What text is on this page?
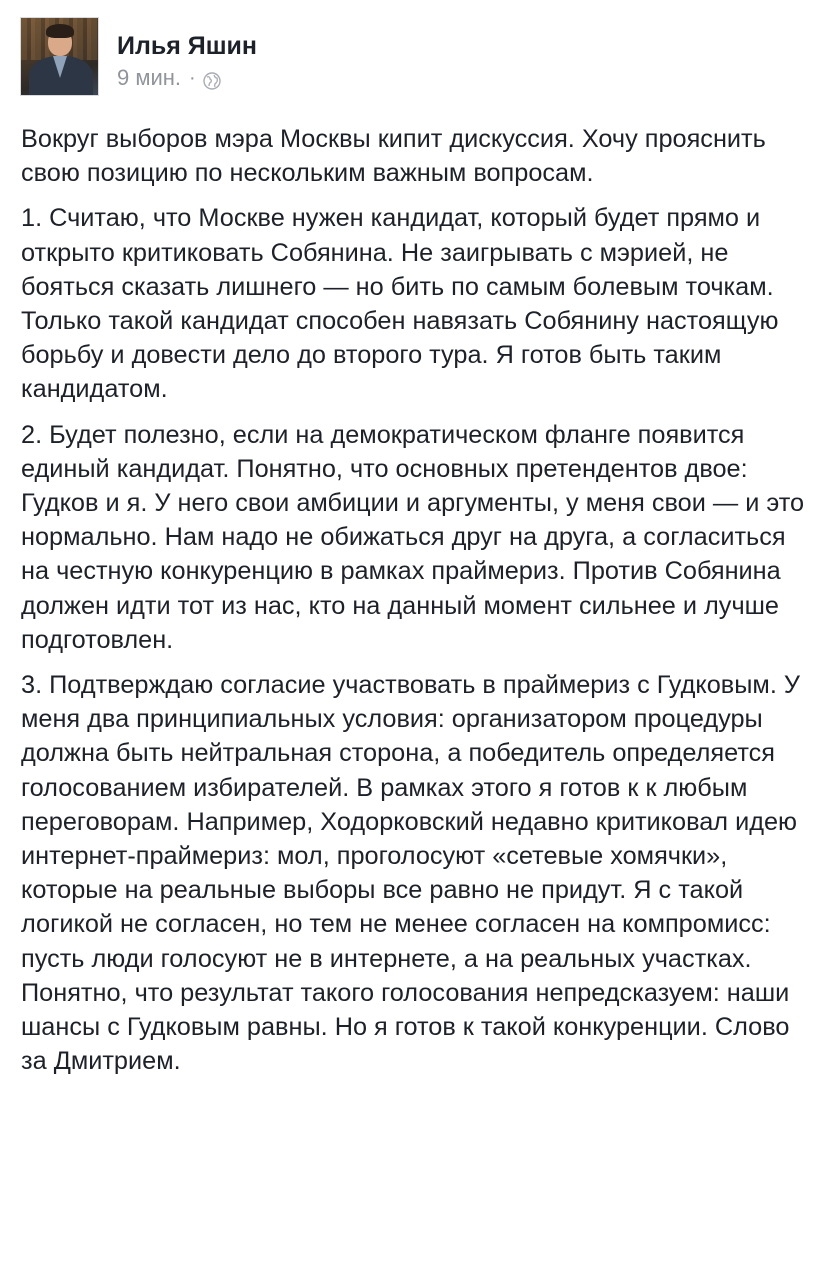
Илья Яшин
9 мин. ·

Вокруг выборов мэра Москвы кипит дискуссия. Хочу прояснить свою позицию по нескольким важным вопросам.

1. Считаю, что Москве нужен кандидат, который будет прямо и открыто критиковать Собянина. Не заигрывать с мэрией, не бояться сказать лишнего — но бить по самым болевым точкам. Только такой кандидат способен навязать Собянину настоящую борьбу и довести дело до второго тура. Я готов быть таким кандидатом.

2. Будет полезно, если на демократическом фланге появится единый кандидат. Понятно, что основных претендентов двое: Гудков и я. У него свои амбиции и аргументы, у меня свои — и это нормально. Нам надо не обижаться друг на друга, а согласиться на честную конкуренцию в рамках праймериз. Против Собянина должен идти тот из нас, кто на данный момент сильнее и лучше подготовлен.

3. Подтверждаю согласие участвовать в праймериз с Гудковым. У меня два принципиальных условия: организатором процедуры должна быть нейтральная сторона, а победитель определяется голосованием избирателей. В рамках этого я готов к к любым переговорам. Например, Ходорковский недавно критиковал идею интернет-праймериз: мол, проголосуют «сетевые хомячки», которые на реальные выборы все равно не придут. Я с такой логикой не согласен, но тем не менее согласен на компромисс: пусть люди голосуют не в интернете, а на реальных участках. Понятно, что результат такого голосования непредсказуем: наши шансы с Гудковым равны. Но я готов к такой конкуренции. Слово за Дмитрием.
